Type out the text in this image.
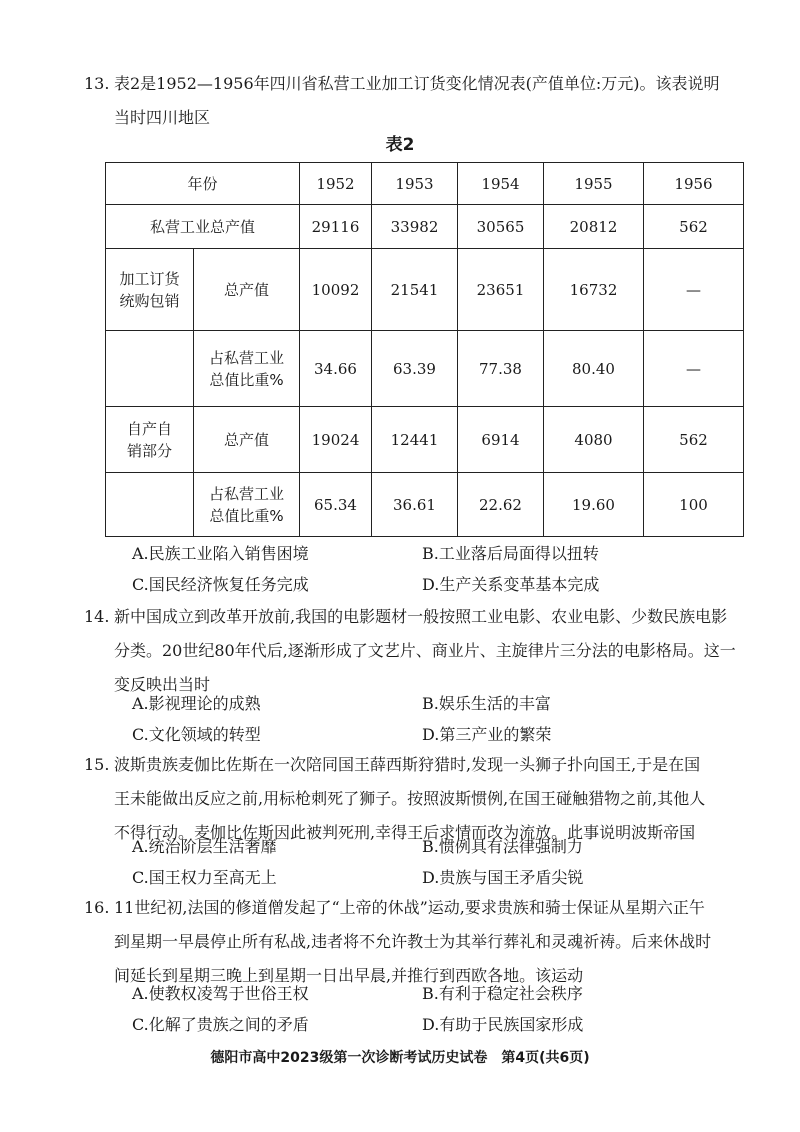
13. 表2是1952—1956年四川省私营工业加工订货变化情况表(产值单位:万元)。该表说明
当时四川地区
表2
年份		1952	1953	1954	1955	1956
私营工业总产值		29116	33982	30565	20812	562

加工订货
统购包销	总产值	10092	21541	23651	16732	—

	占私营工业
总值比重%	34.66	63.39	77.38	80.40	—

自产自
销部分	总产值	19024	12441	6914	4080	562

	占私营工业
总值比重%	65.34	36.61	22.62	19.60	100
A.民族工业陷入销售困境	B.工业落后局面得以扭转
C.国民经济恢复任务完成	D.生产关系变革基本完成
14. 新中国成立到改革开放前,我国的电影题材一般按照工业电影、农业电影、少数民族电影
分类。20世纪80年代后,逐渐形成了文艺片、商业片、主旋律片三分法的电影格局。这一
变反映出当时
A.影视理论的成熟	B.娱乐生活的丰富
C.文化领域的转型	D.第三产业的繁荣
15. 波斯贵族麦伽比佐斯在一次陪同国王薛西斯狩猎时,发现一头狮子扑向国王,于是在国
王未能做出反应之前,用标枪刺死了狮子。按照波斯惯例,在国王碰触猎物之前,其他人
不得行动。麦伽比佐斯因此被判死刑,幸得王后求情而改为流放。此事说明波斯帝国
A.统治阶层生活奢靡	B.惯例具有法律强制力
C.国王权力至高无上	D.贵族与国王矛盾尖锐
16. 11世纪初,法国的修道僧发起了“上帝的休战”运动,要求贵族和骑士保证从星期六正午
到星期一早晨停止所有私战,违者将不允许教士为其举行葬礼和灵魂祈祷。后来休战时
间延长到星期三晚上到星期一日出早晨,并推行到西欧各地。该运动
A.使教权凌驾于世俗王权	B.有利于稳定社会秩序
C.化解了贵族之间的矛盾	D.有助于民族国家形成
德阳市高中2023级第一次诊断考试历史试卷　第4页(共6页)
